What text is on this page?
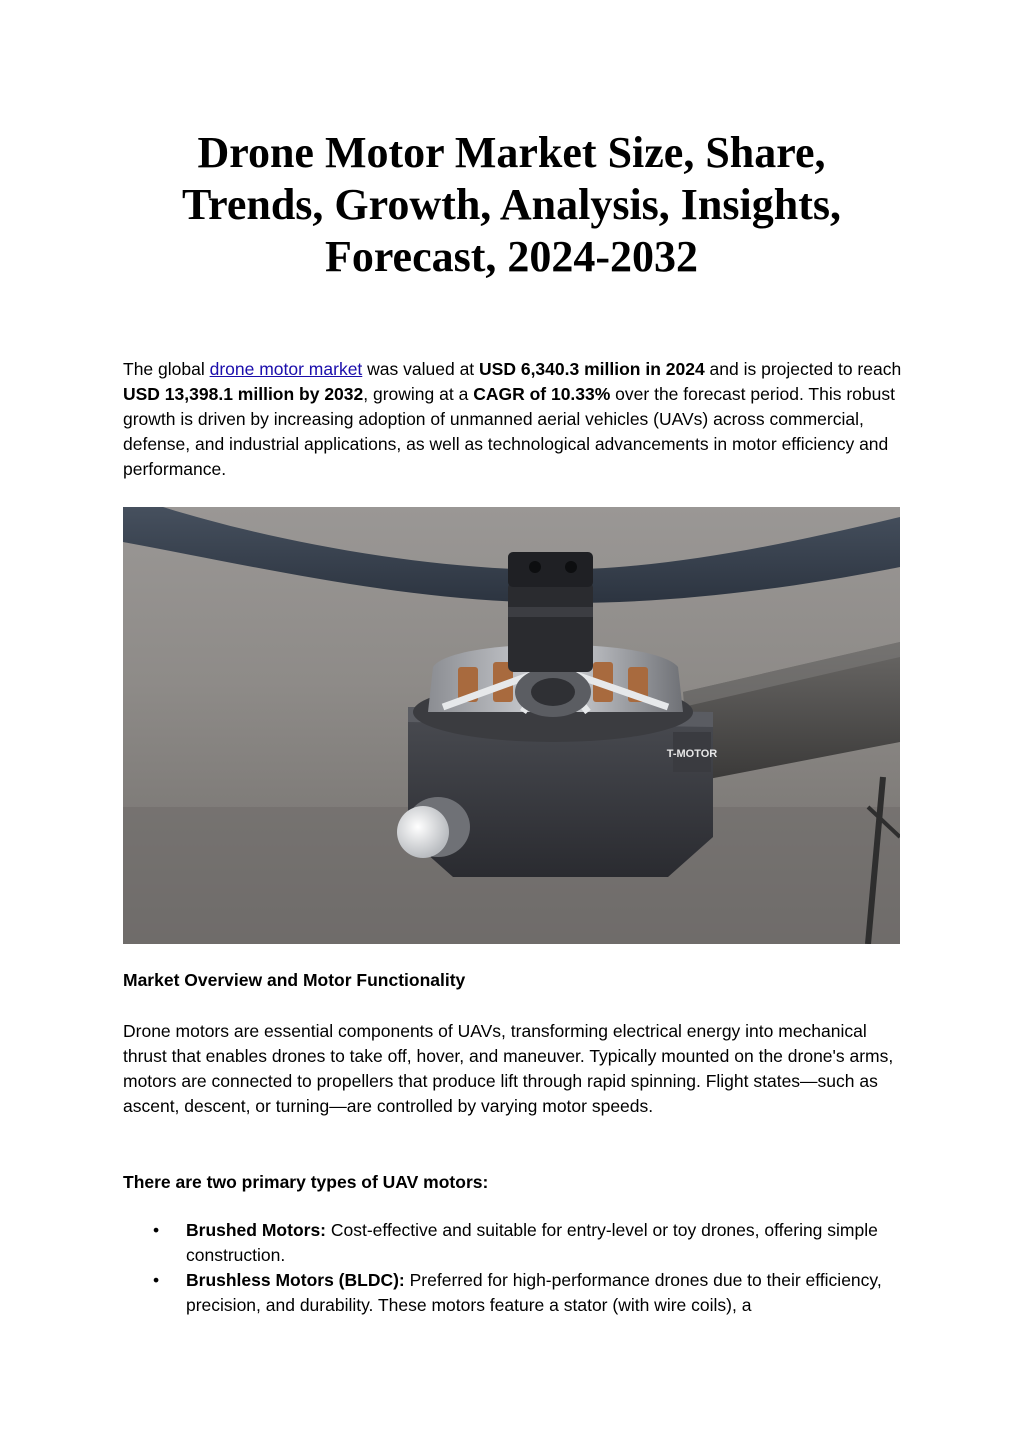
Drone Motor Market Size, Share, Trends, Growth, Analysis, Insights, Forecast, 2024-2032

The global drone motor market was valued at USD 6,340.3 million in 2024 and is projected to reach USD 13,398.1 million by 2032, growing at a CAGR of 10.33% over the forecast period. This robust growth is driven by increasing adoption of unmanned aerial vehicles (UAVs) across commercial, defense, and industrial applications, as well as technological advancements in motor efficiency and performance.

T-MOTOR

Market Overview and Motor Functionality

Drone motors are essential components of UAVs, transforming electrical energy into mechanical thrust that enables drones to take off, hover, and maneuver. Typically mounted on the drone's arms, motors are connected to propellers that produce lift through rapid spinning. Flight states—such as ascent, descent, or turning—are controlled by varying motor speeds.

There are two primary types of UAV motors:

• Brushed Motors: Cost-effective and suitable for entry-level or toy drones, offering simple construction.
• Brushless Motors (BLDC): Preferred for high-performance drones due to their efficiency, precision, and durability. These motors feature a stator (with wire coils), a
